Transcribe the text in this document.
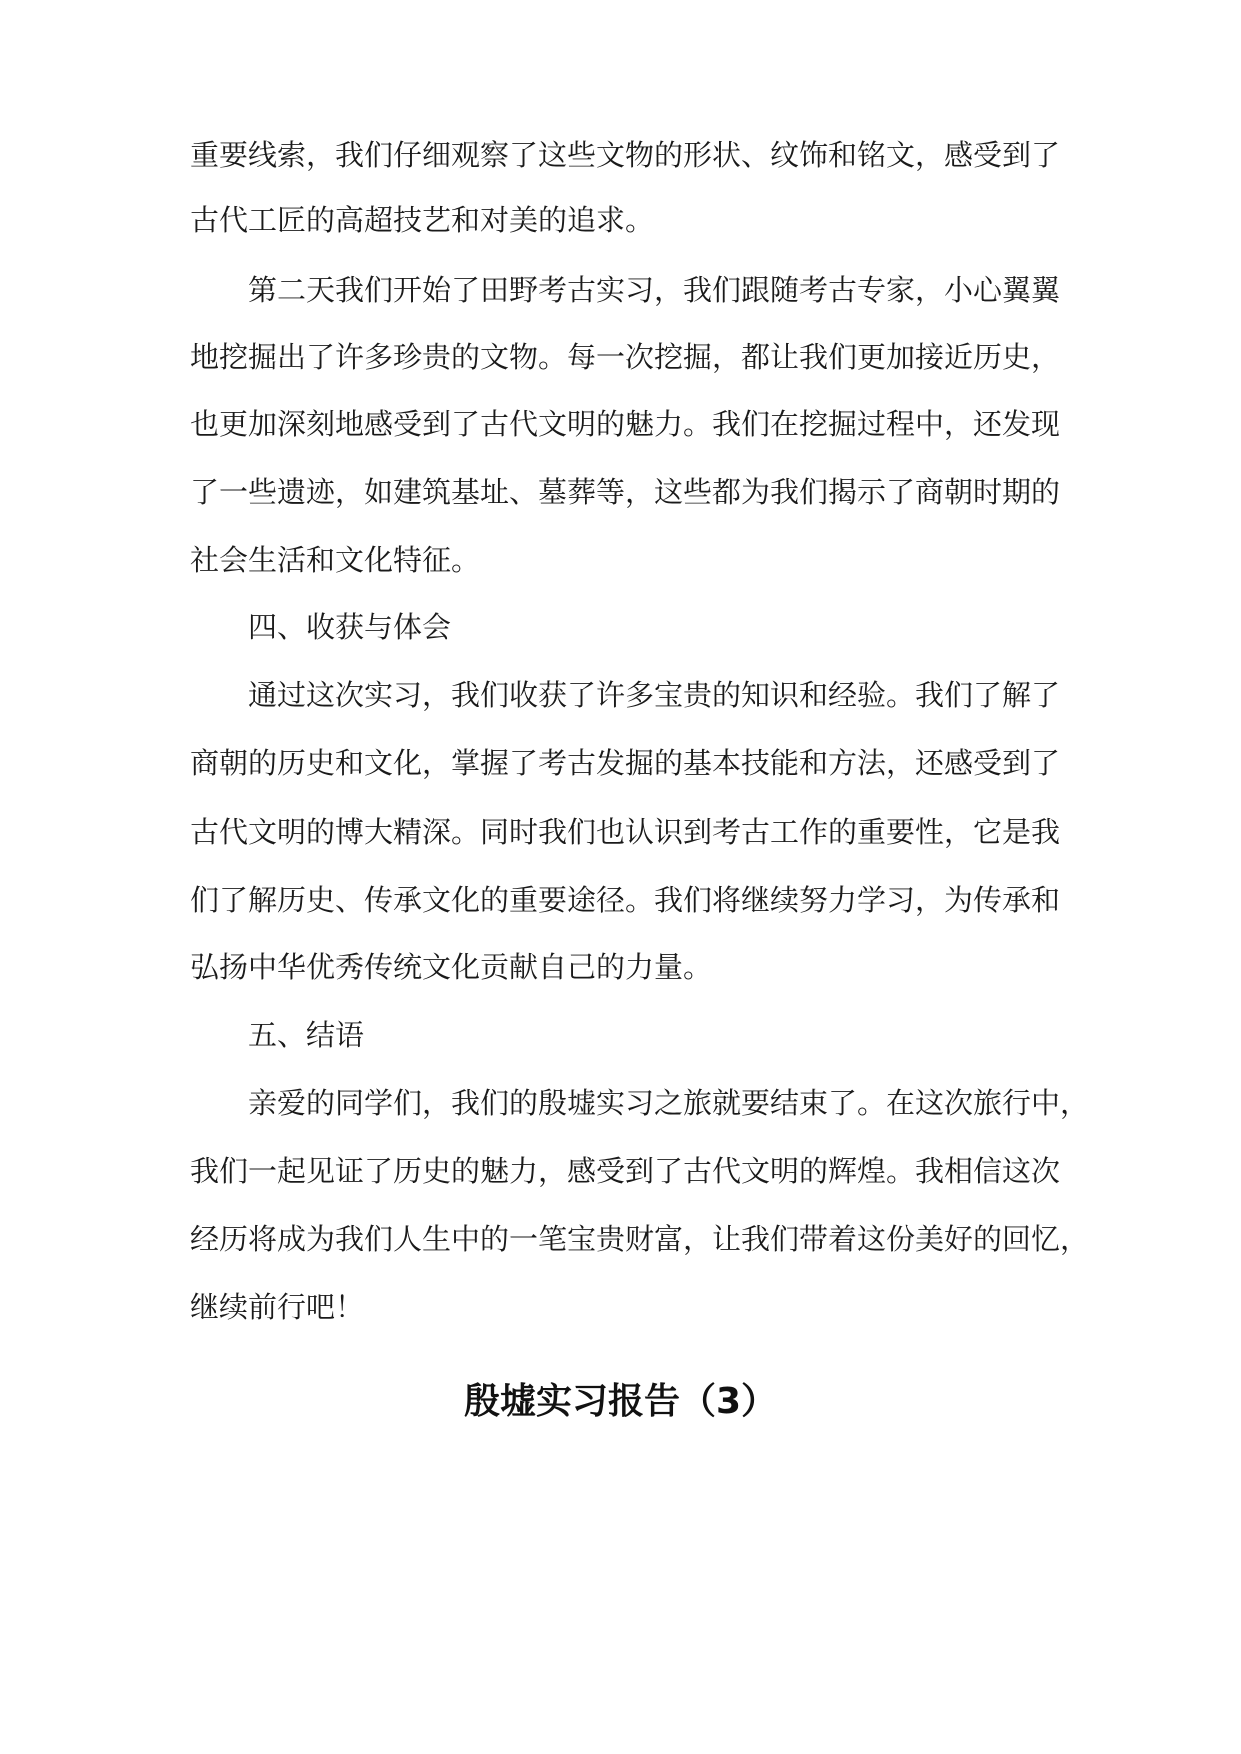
重要线索，我们仔细观察了这些文物的形状、纹饰和铭文，感受到了
古代工匠的高超技艺和对美的追求。
第二天我们开始了田野考古实习，我们跟随考古专家，小心翼翼
地挖掘出了许多珍贵的文物。每一次挖掘，都让我们更加接近历史，
也更加深刻地感受到了古代文明的魅力。我们在挖掘过程中，还发现
了一些遗迹，如建筑基址、墓葬等，这些都为我们揭示了商朝时期的
社会生活和文化特征。
四、收获与体会
通过这次实习，我们收获了许多宝贵的知识和经验。我们了解了
商朝的历史和文化，掌握了考古发掘的基本技能和方法，还感受到了
古代文明的博大精深。同时我们也认识到考古工作的重要性，它是我
们了解历史、传承文化的重要途径。我们将继续努力学习，为传承和
弘扬中华优秀传统文化贡献自己的力量。
五、结语
亲爱的同学们，我们的殷墟实习之旅就要结束了。在这次旅行中，
我们一起见证了历史的魅力，感受到了古代文明的辉煌。我相信这次
经历将成为我们人生中的一笔宝贵财富，让我们带着这份美好的回忆，
继续前行吧！
殷墟实习报告（3）
